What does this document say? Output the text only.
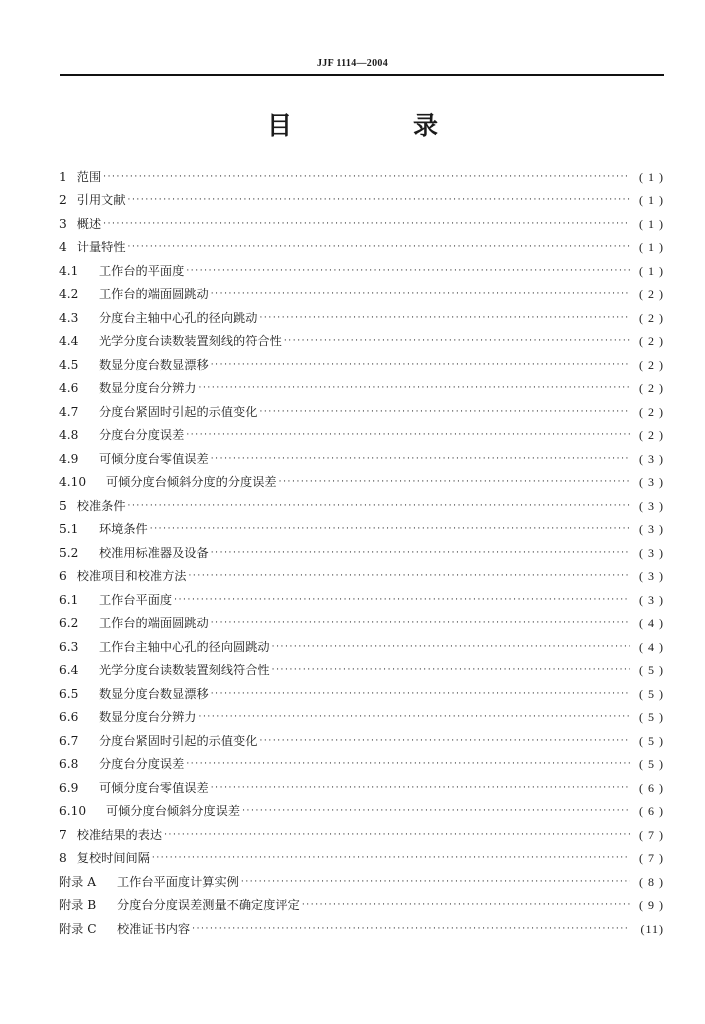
JJF 1114—2004
目　录
1 范围 ·····	( 1 )
2 引用文献 ·····	( 1 )
3 概述 ·····	( 1 )
4 计量特性 ·····	( 1 )
4.1	工作台的平面度 ·····	( 1 )
4.2	工作台的端面圆跳动 ·····	( 2 )
4.3	分度台主轴中心孔的径向跳动 ·····	( 2 )
4.4	光学分度台读数装置刻线的符合性 ·····	( 2 )
4.5	数显分度台数显漂移 ·····	( 2 )
4.6	数显分度台分辨力 ·····	( 2 )
4.7	分度台紧固时引起的示值变化 ·····	( 2 )
4.8	分度台分度误差 ·····	( 2 )
4.9	可倾分度台零值误差 ·····	( 3 )
4.10	可倾分度台倾斜分度的分度误差 ·····	( 3 )
5 校准条件 ·····	( 3 )
5.1	环境条件 ·····	( 3 )
5.2	校准用标准器及设备 ·····	( 3 )
6 校准项目和校准方法 ·····	( 3 )
6.1	工作台平面度 ·····	( 3 )
6.2	工作台的端面圆跳动 ·····	( 4 )
6.3	工作台主轴中心孔的径向圆跳动 ·····	( 4 )
6.4	光学分度台读数装置刻线符合性 ·····	( 5 )
6.5	数显分度台数显漂移 ·····	( 5 )
6.6	数显分度台分辨力 ·····	( 5 )
6.7	分度台紧固时引起的示值变化 ·····	( 5 )
6.8	分度台分度误差 ·····	( 5 )
6.9	可倾分度台零值误差 ·····	( 6 )
6.10	可倾分度台倾斜分度误差 ·····	( 6 )
7 校准结果的表达 ·····	( 7 )
8 复校时间间隔 ·····	( 7 )
附录 A	工作台平面度计算实例 ·····	( 8 )
附录 B	分度台分度误差测量不确定度评定 ·····	( 9 )
附录 C	校准证书内容 ·····	(11)
